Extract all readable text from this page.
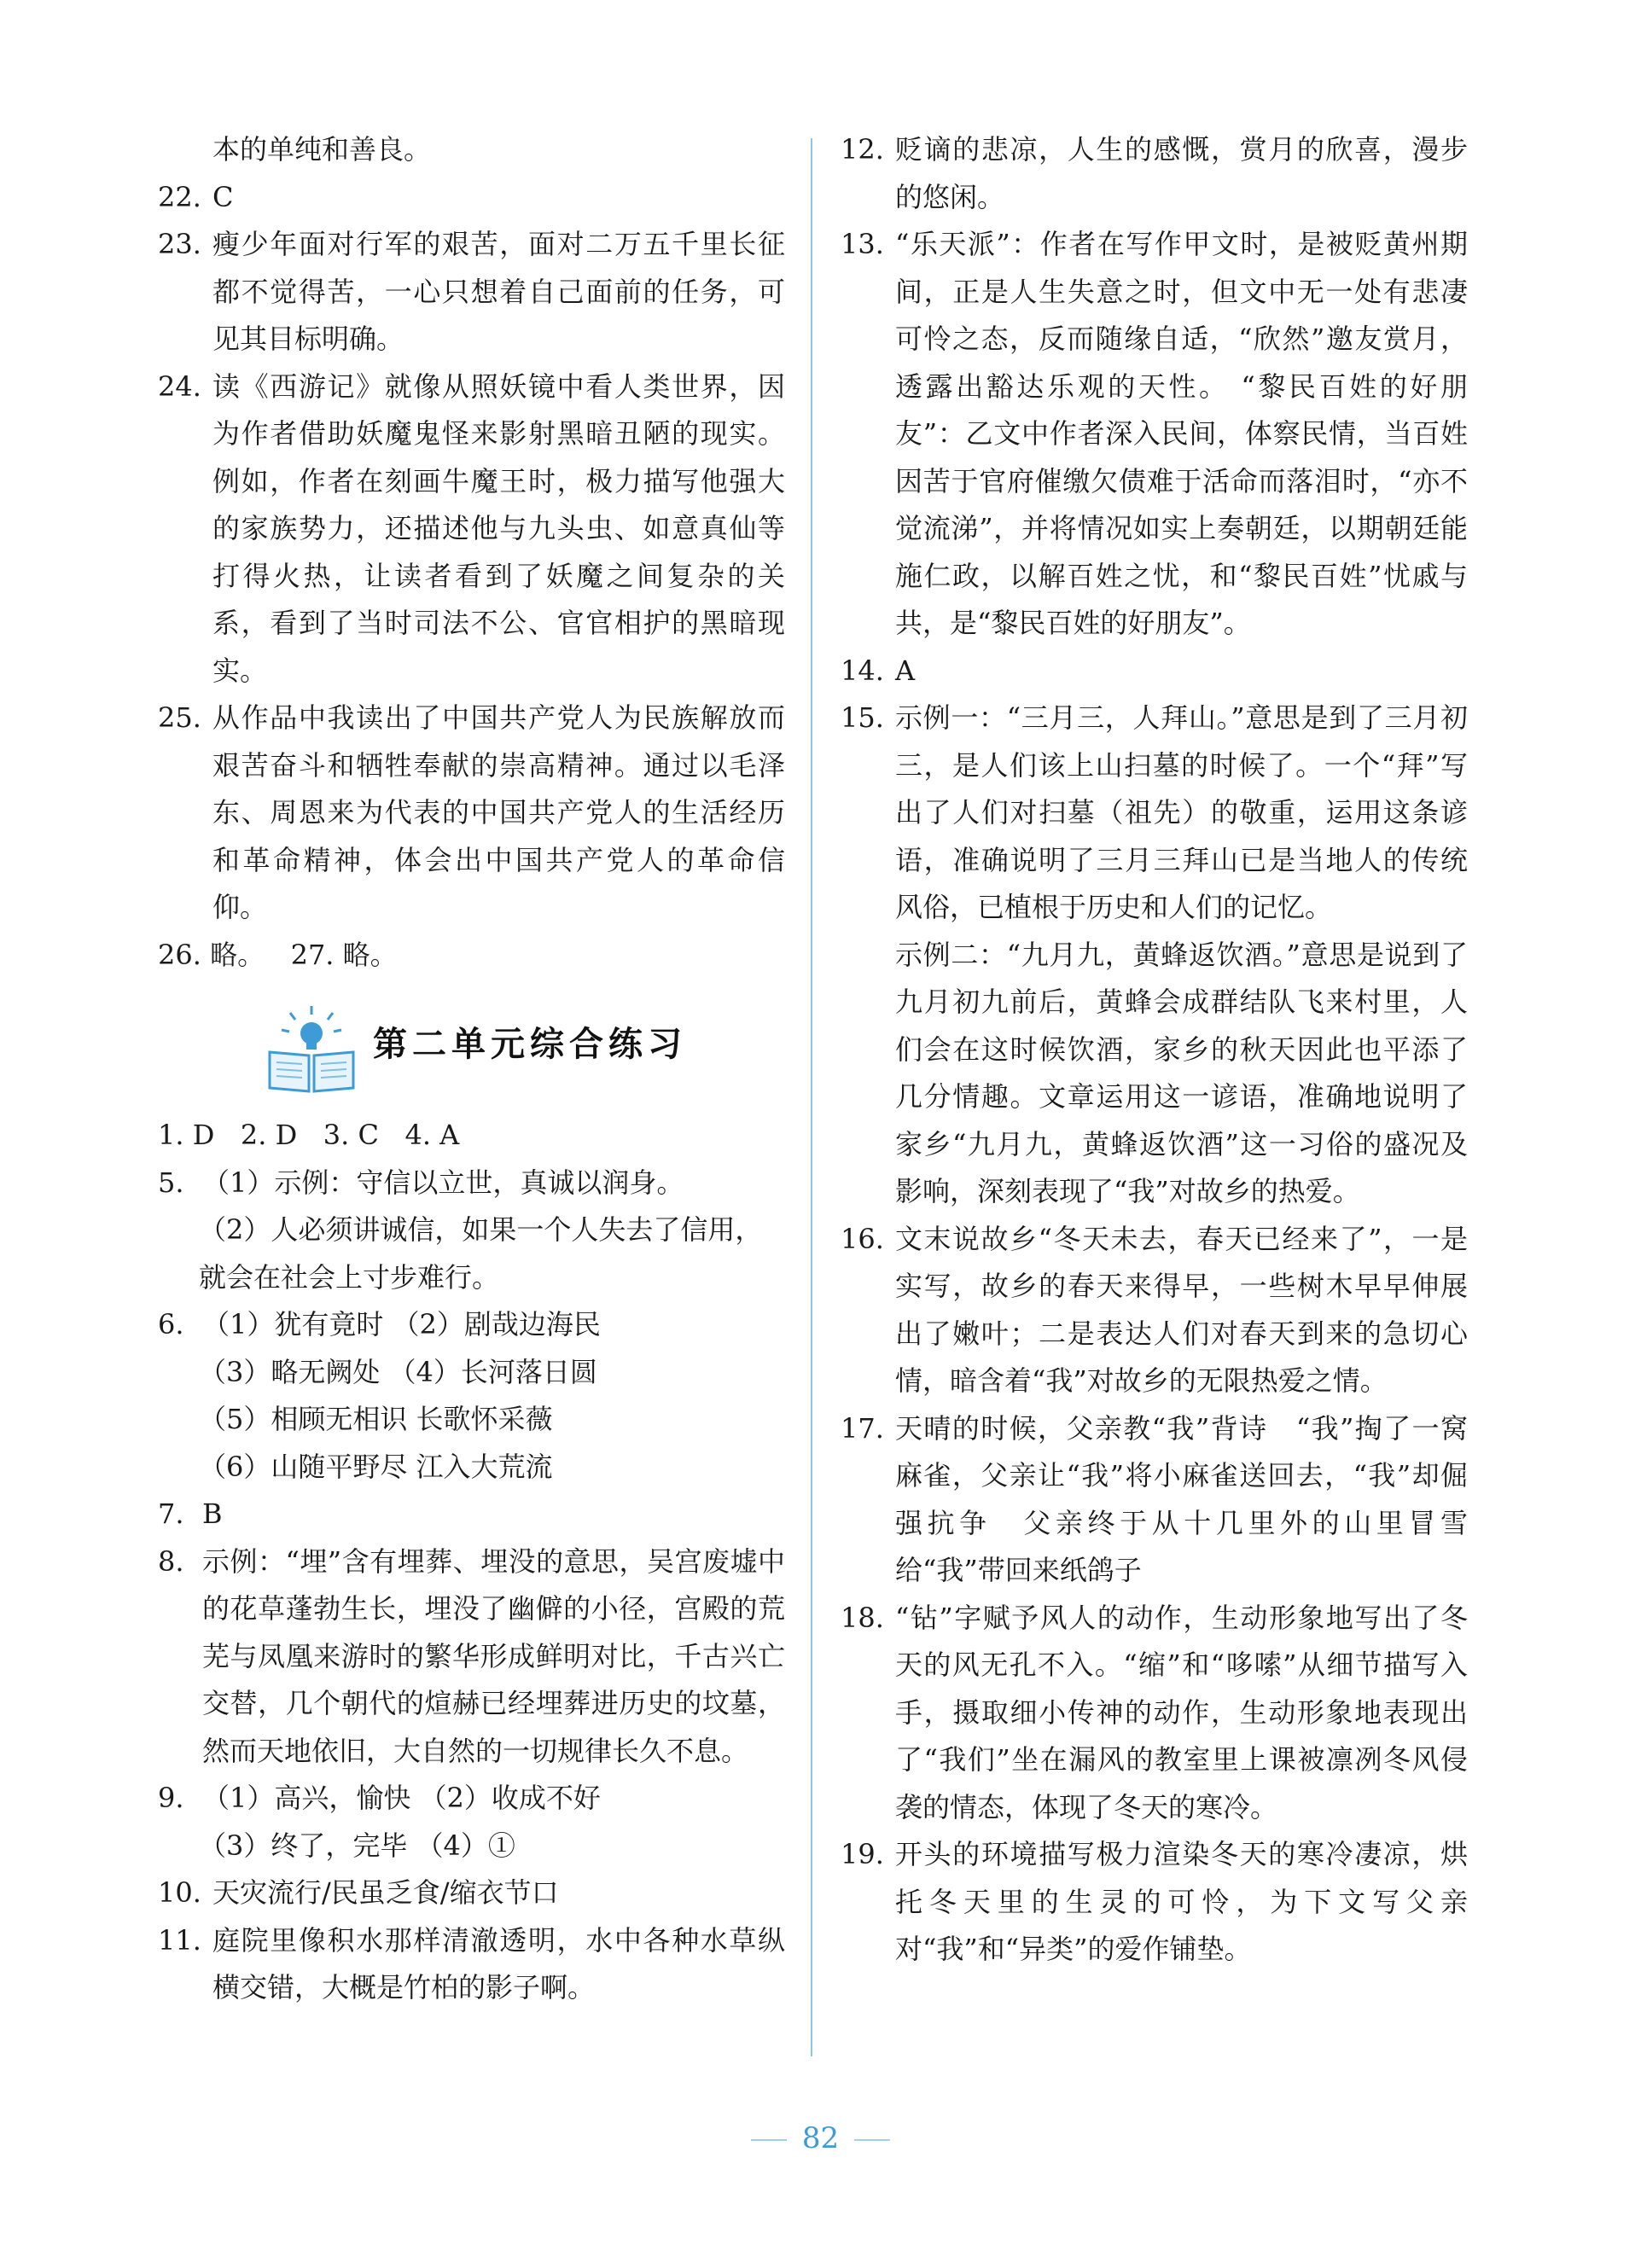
本的单纯和善良。
22. C
23. 瘦少年面对行军的艰苦，面对二万五千里长征都不觉得苦，一心只想着自己面前的任务，可见其目标明确。
24. 读《西游记》就像从照妖镜中看人类世界，因为作者借助妖魔鬼怪来影射黑暗丑陋的现实。例如，作者在刻画牛魔王时，极力描写他强大的家族势力，还描述他与九头虫、如意真仙等打得火热，让读者看到了妖魔之间复杂的关系，看到了当时司法不公、官官相护的黑暗现实。
25. 从作品中我读出了中国共产党人为民族解放而艰苦奋斗和牺牲奉献的崇高精神。通过以毛泽东、周恩来为代表的中国共产党人的生活经历和革命精神，体会出中国共产党人的革命信仰。
26. 略。   27. 略。
第二单元综合练习
1. D   2. D   3. C   4. A
5. （1）示例：守信以立世，真诚以润身。
（2）人必须讲诚信，如果一个人失去了信用，就会在社会上寸步难行。
6. （1）犹有竟时 （2）剧哉边海民
（3）略无阙处 （4）长河落日圆
（5）相顾无相识 长歌怀采薇
（6）山随平野尽 江入大荒流
7. B
8. 示例：“埋”含有埋葬、埋没的意思，吴宫废墟中的花草蓬勃生长，埋没了幽僻的小径，宫殿的荒芜与凤凰来游时的繁华形成鲜明对比，千古兴亡交替，几个朝代的煊赫已经埋葬进历史的坟墓，然而天地依旧，大自然的一切规律长久不息。
9. （1）高兴，愉快 （2）收成不好
（3）终了，完毕 （4）①
10. 天灾流行/民虽乏食/缩衣节口
11. 庭院里像积水那样清澈透明，水中各种水草纵横交错，大概是竹柏的影子啊。
12. 贬谪的悲凉，人生的感慨，赏月的欣喜，漫步的悠闲。
13. “乐天派”：作者在写作甲文时，是被贬黄州期间，正是人生失意之时，但文中无一处有悲凄可怜之态，反而随缘自适，“欣然”邀友赏月，透露出豁达乐观的天性。 “黎民百姓的好朋友”：乙文中作者深入民间，体察民情，当百姓因苦于官府催缴欠债难于活命而落泪时，“亦不觉流涕”，并将情况如实上奏朝廷，以期朝廷能施仁政，以解百姓之忧，和“黎民百姓”忧戚与共，是“黎民百姓的好朋友”。
14. A
15. 示例一：“三月三，人拜山。”意思是到了三月初三，是人们该上山扫墓的时候了。一个“拜”写出了人们对扫墓（祖先）的敬重，运用这条谚语，准确说明了三月三拜山已是当地人的传统风俗，已植根于历史和人们的记忆。
示例二：“九月九，黄蜂返饮酒。”意思是说到了九月初九前后，黄蜂会成群结队飞来村里，人们会在这时候饮酒，家乡的秋天因此也平添了几分情趣。文章运用这一谚语，准确地说明了家乡“九月九，黄蜂返饮酒”这一习俗的盛况及影响，深刻表现了“我”对故乡的热爱。
16. 文末说故乡“冬天未去，春天已经来了”，一是实写，故乡的春天来得早，一些树木早早伸展出了嫩叶；二是表达人们对春天到来的急切心情，暗含着“我”对故乡的无限热爱之情。
17. 天晴的时候，父亲教“我”背诗　“我”掏了一窝麻雀，父亲让“我”将小麻雀送回去，“我”却倔强抗争　父亲终于从十几里外的山里冒雪给“我”带回来纸鸽子
18. “钻”字赋予风人的动作，生动形象地写出了冬天的风无孔不入。“缩”和“哆嗦”从细节描写入手，摄取细小传神的动作，生动形象地表现出了“我们”坐在漏风的教室里上课被凛冽冬风侵袭的情态，体现了冬天的寒冷。
19. 开头的环境描写极力渲染冬天的寒冷凄凉，烘托冬天里的生灵的可怜，为下文写父亲对“我”和“异类”的爱作铺垫。
82
